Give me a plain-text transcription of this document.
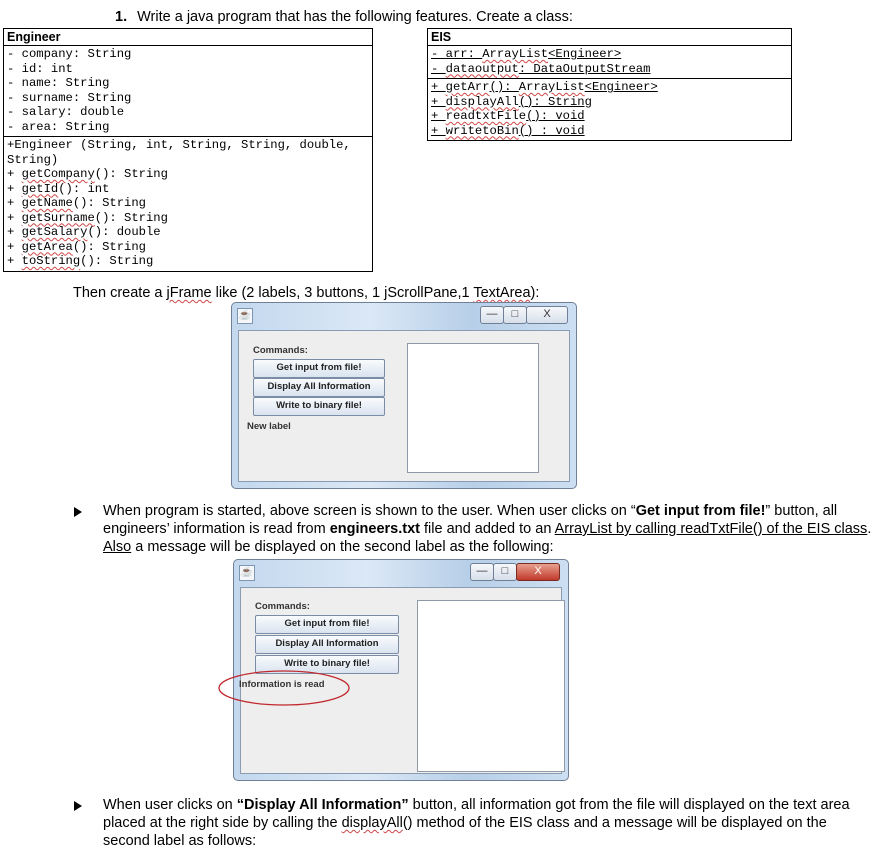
1. Write a java program that has the following features. Create a class:
Engineer

- company: String
- id: int
- name: String
- surname: String
- salary: double
- area: String

+Engineer (String, int, String, String, double,
String)
+ getCompany(): String
+ getId(): int
+ getName(): String
+ getSurname(): String
+ getSalary(): double
+ getArea(): String
+ toString(): String
EIS

- arr: ArrayList<Engineer>
- dataoutput: DataOutputStream

+ getArr(): ArrayList<Engineer>
+ displayAll(): String
+ readtxtFile(): void
+ writetoBin() : void
Then create a jFrame like (2 labels, 3 buttons, 1 jScrollPane,1 TextArea):
☕	—	□	X
Commands:
Get input from file!
Display All Information
Write to binary file!
New label
When program is started, above screen is shown to the user. When user clicks on “Get input from file!” button, all
engineers’ information is read from engineers.txt file and added to an ArrayList by calling readTxtFile() of the EIS class.
Also a message will be displayed on the second label as the following:
☕	—	□	X
Commands:
Get input from file!
Display All Information
Write to binary file!
Information is read
When user clicks on “Display All Information” button, all information got from the file will displayed on the text area
placed at the right side by calling the displayAll() method of the EIS class and a message will be displayed on the
second label as follows:
